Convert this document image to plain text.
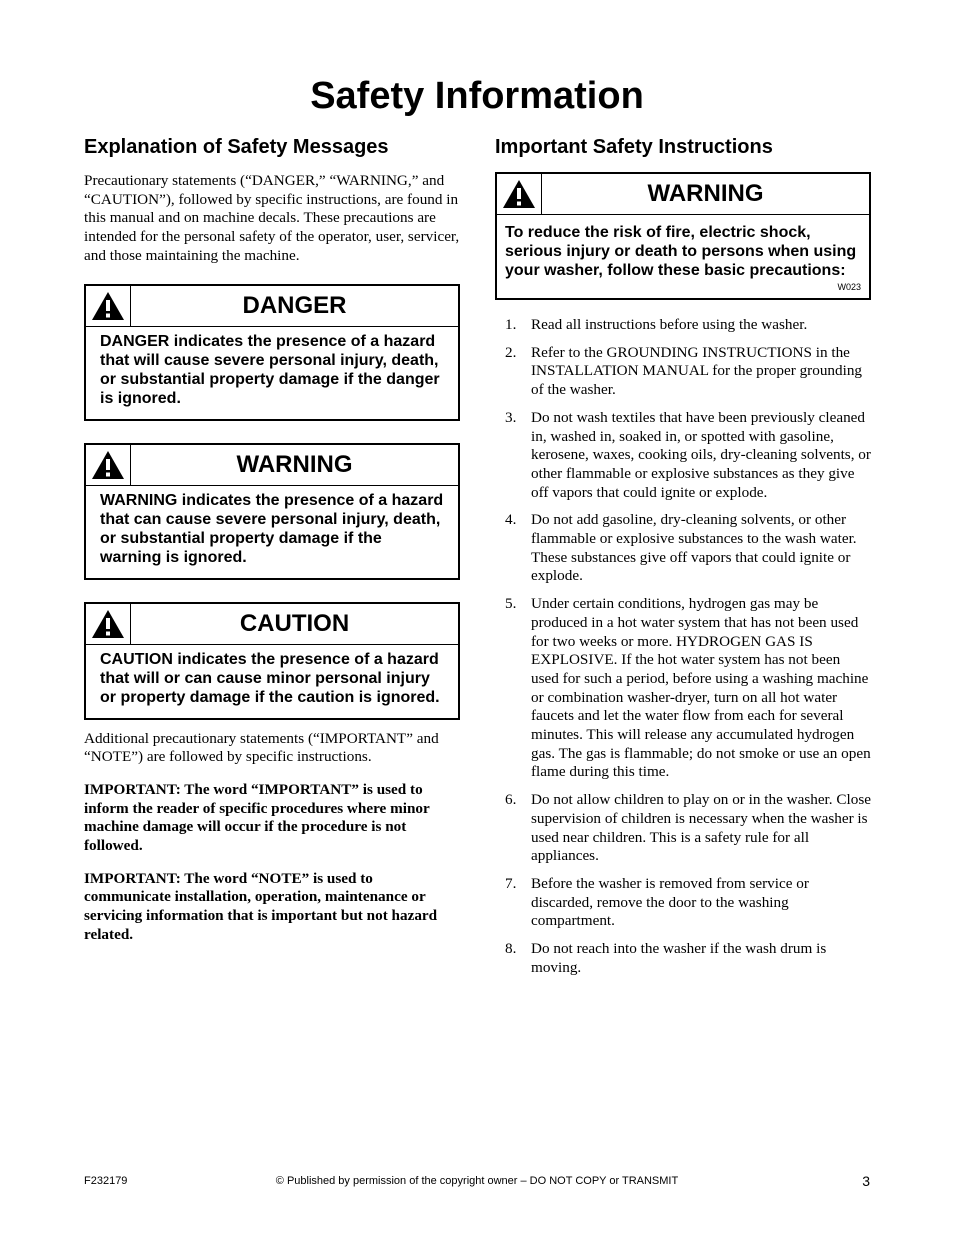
Safety Information
Explanation of Safety Messages

Precautionary statements (“DANGER,” “WARNING,” and “CAUTION”), followed by specific instructions, are found in this manual and on machine decals. These precautions are intended for the personal safety of the operator, user, servicer, and those maintaining the machine.

DANGER
DANGER indicates the presence of a hazard that will cause severe personal injury, death, or substantial property damage if the danger is ignored.
WARNING
WARNING indicates the presence of a hazard that can cause severe personal injury, death, or substantial property damage if the warning is ignored.
CAUTION
CAUTION indicates the presence of a hazard that will or can cause minor personal injury or property damage if the caution is ignored.

Additional precautionary statements (“IMPORTANT” and “NOTE”) are followed by specific instructions.

IMPORTANT: The word “IMPORTANT” is used to inform the reader of specific procedures where minor machine damage will occur if the procedure is not followed.

IMPORTANT: The word “NOTE” is used to communicate installation, operation, maintenance or servicing information that is important but not hazard related.

Important Safety Instructions
WARNING
To reduce the risk of fire, electric shock, serious injury or death to persons when using your washer, follow these basic precautions:
W023
1. Read all instructions before using the washer.
2. Refer to the GROUNDING INSTRUCTIONS in the INSTALLATION MANUAL for the proper grounding of the washer.
3. Do not wash textiles that have been previously cleaned in, washed in, soaked in, or spotted with gasoline, kerosene, waxes, cooking oils, dry-cleaning solvents, or other flammable or explosive substances as they give off vapors that could ignite or explode.
4. Do not add gasoline, dry-cleaning solvents, or other flammable or explosive substances to the wash water. These substances give off vapors that could ignite or explode.
5. Under certain conditions, hydrogen gas may be produced in a hot water system that has not been used for two weeks or more. HYDROGEN GAS IS EXPLOSIVE. If the hot water system has not been used for such a period, before using a washing machine or combination washer-dryer, turn on all hot water faucets and let the water flow from each for several minutes. This will release any accumulated hydrogen gas. The gas is flammable; do not smoke or use an open flame during this time.
6. Do not allow children to play on or in the washer. Close supervision of children is necessary when the washer is used near children. This is a safety rule for all appliances.
7. Before the washer is removed from service or discarded, remove the door to the washing compartment.
8. Do not reach into the washer if the wash drum is moving.
© Published by permission of the copyright owner – DO NOT COPY or TRANSMIT
F232179	3
